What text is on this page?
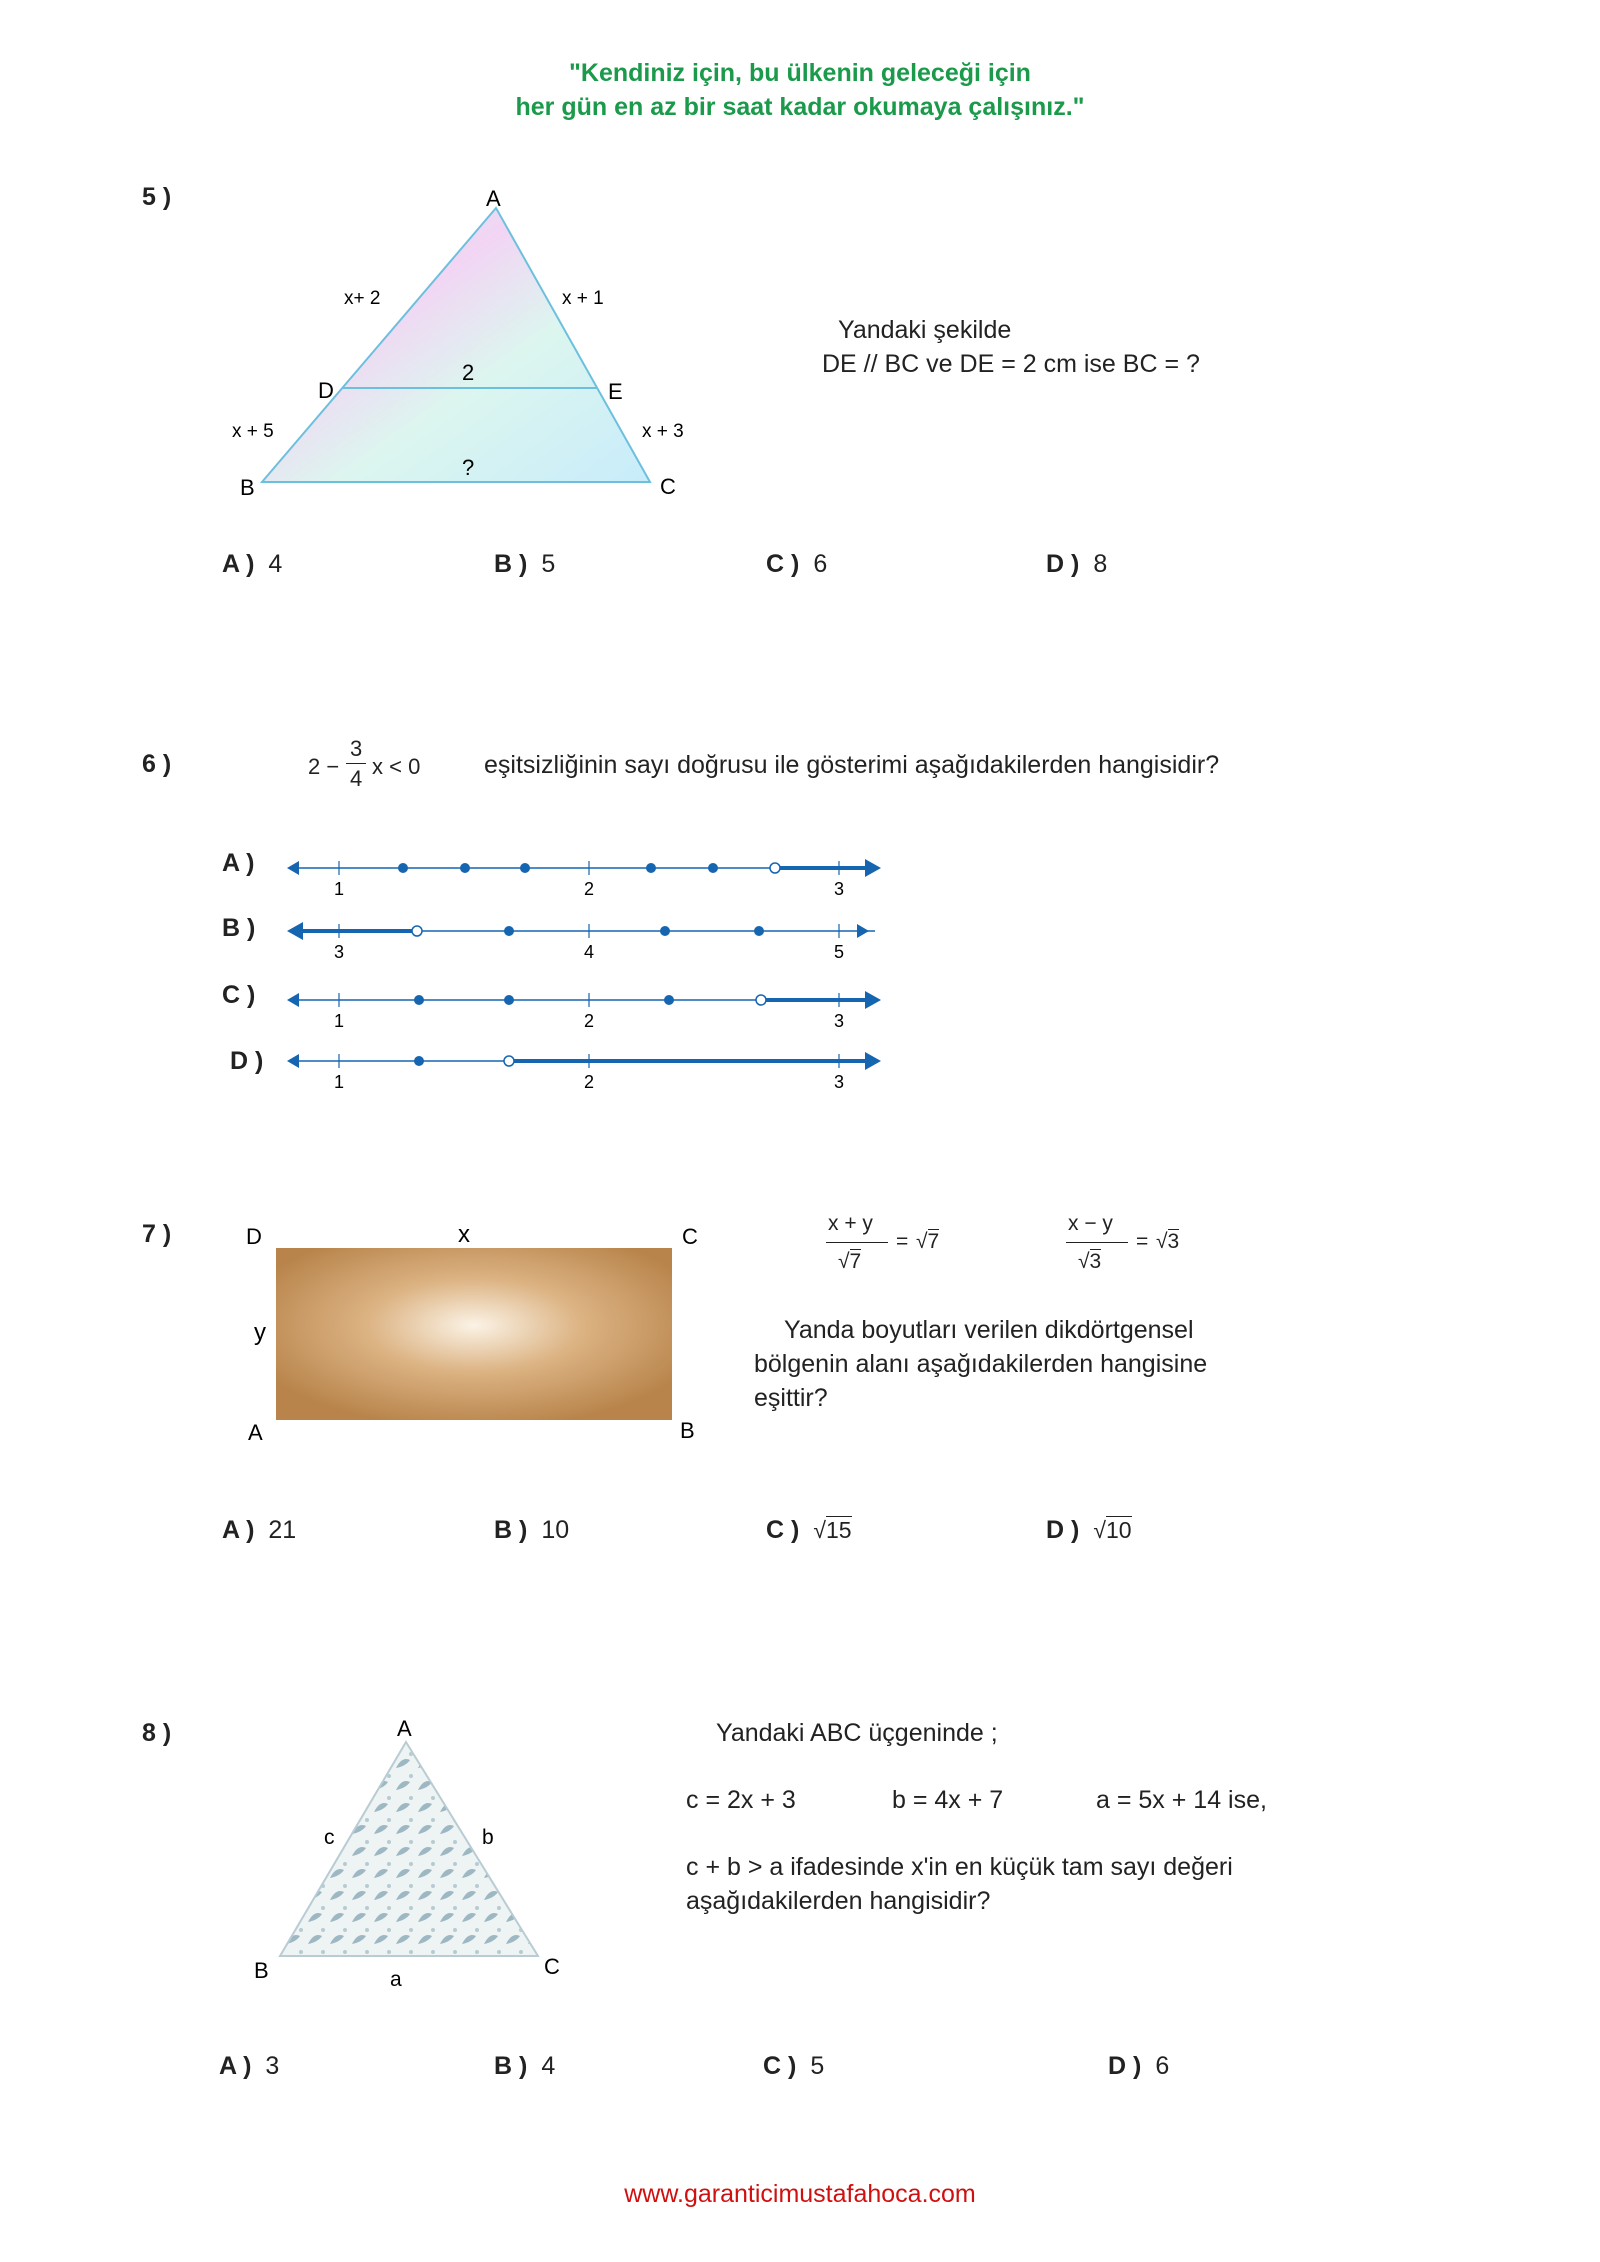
"Kendiniz için, bu ülkenin geleceği için
her gün en az bir saat kadar okumaya çalışınız."
5 )	A
B	C
D	E
x+ 2	x + 1
x + 5	x + 3
2
?
Yandaki şekilde
DE // BC ve DE = 2 cm ise BC = ?
A ) 4	B ) 5	C ) 6	D ) 8
6 )	2 −
3
4 x < 0	eşitsizliğinin sayı doğrusu ile gösterimi aşağıdakilerden hangisidir?
A )
1	2	3
B )
3	4	5
C )
1	2	3
D )
1	2	3
7 )	D	C
A	B
x
y
x + y
√7
= √7
x − y
√3
= √3
Yanda boyutları verilen dikdörtgensel
bölgenin alanı aşağıdakilerden hangisine
eşittir?
A ) 21	B ) 10	C ) √15	D ) √10
8 )	A
B	C
c	b
a
Yandaki ABC üçgeninde ;
c = 2x + 3	b = 4x + 7	a = 5x + 14 ise,
c + b > a ifadesinde x'in en küçük tam sayı değeri
aşağıdakilerden hangisidir?
A ) 3	B ) 4	C ) 5	D ) 6
www.garanticimustafahoca.com
